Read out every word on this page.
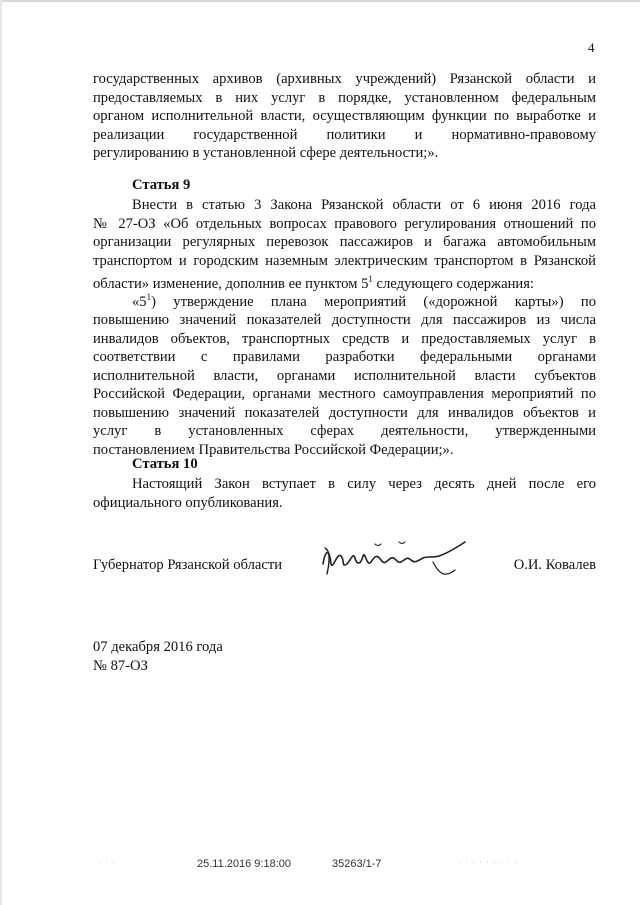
4
государственных архивов (архивных учреждений) Рязанской области и
предоставляемых в них услуг в порядке, установленном федеральным
органом исполнительной власти, осуществляющим функции по выработке и
реализации государственной политики и нормативно-правовому
регулированию в установленной сфере деятельности;».
Статья 9
Внести в статью 3 Закона Рязанской области от 6 июня 2016 года
№ 27-ОЗ «Об отдельных вопросах правового регулирования отношений по
организации регулярных перевозок пассажиров и багажа автомобильным
транспортом и городским наземным электрическим транспортом в Рязанской
области» изменение, дополнив ее пунктом $5^1$ следующего содержания:
«$5^1$) утверждение плана мероприятий («дорожной карты») по
повышению значений показателей доступности для пассажиров из числа
инвалидов объектов, транспортных средств и предоставляемых услуг в
соответствии с правилами разработки федеральными органами
исполнительной власти, органами исполнительной власти субъектов
Российской Федерации, органами местного самоуправления мероприятий по
повышению значений показателей доступности для инвалидов объектов и
услуг в установленных сферах деятельности, утвержденными
постановлением Правительства Российской Федерации;».
Статья 10
Настоящий Закон вступает в силу через десять дней после его
официального опубликования.
Губернатор Рязанской области	О.И. Ковалев
07 декабря 2016 года
№ 87-ОЗ
25.11.2016 9:18:00	35263/1-7
· · ·	· · · · · · · · ·
